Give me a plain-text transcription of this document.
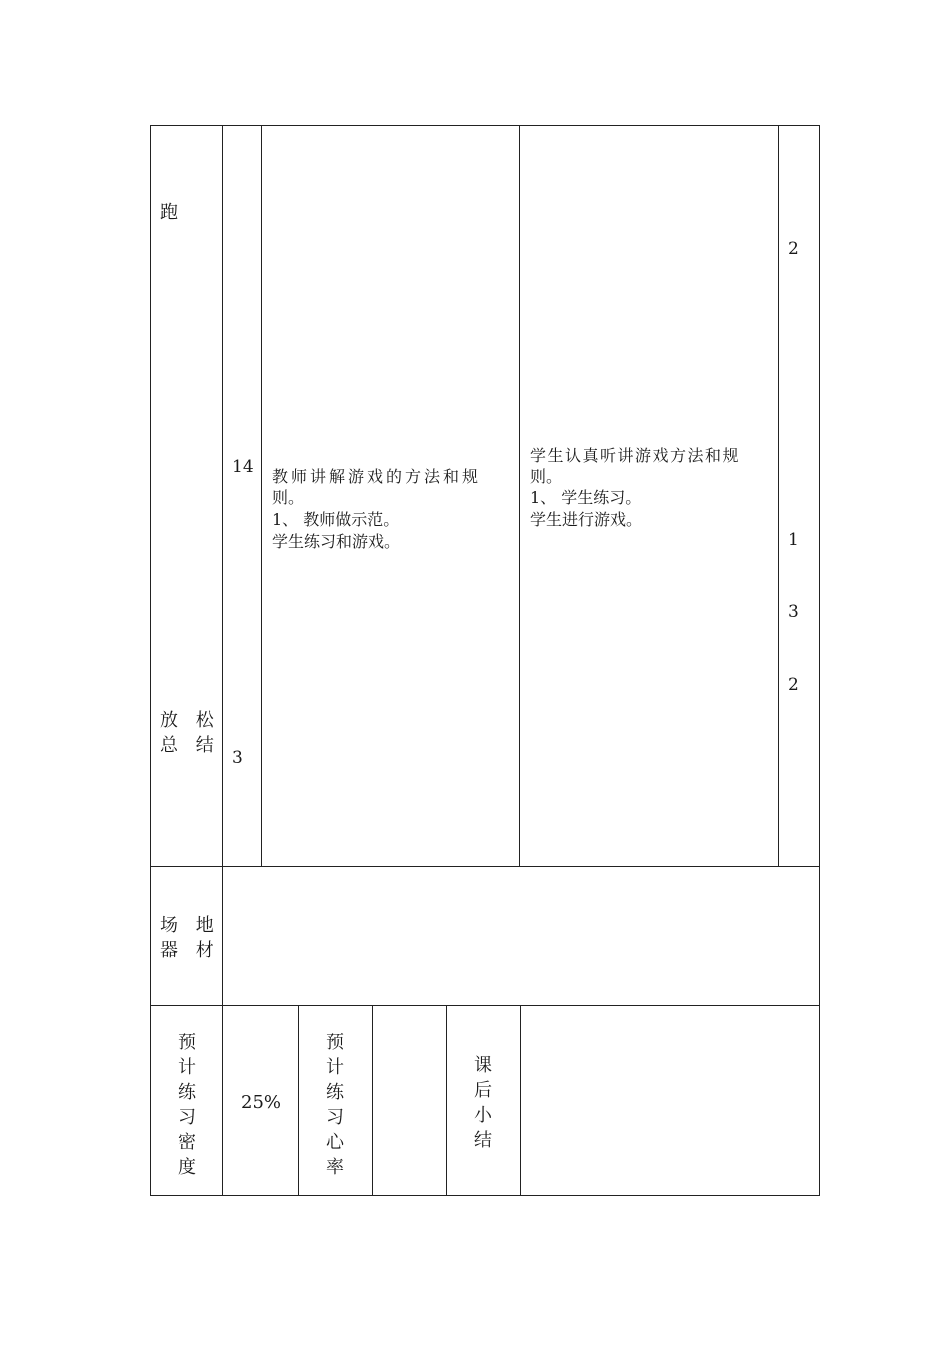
跑
放 松
总 结
14
3
教师讲解游戏的方法和规
则。
1、 教师做示范。
学生练习和游戏。
学生认真听讲游戏方法和规
则。
1、 学生练习。
学生进行游戏。
2
1
3
2
场 地
器 材
预
计
练
习
密
度
25%
预
计
练
习
心
率
课
后
小
结
